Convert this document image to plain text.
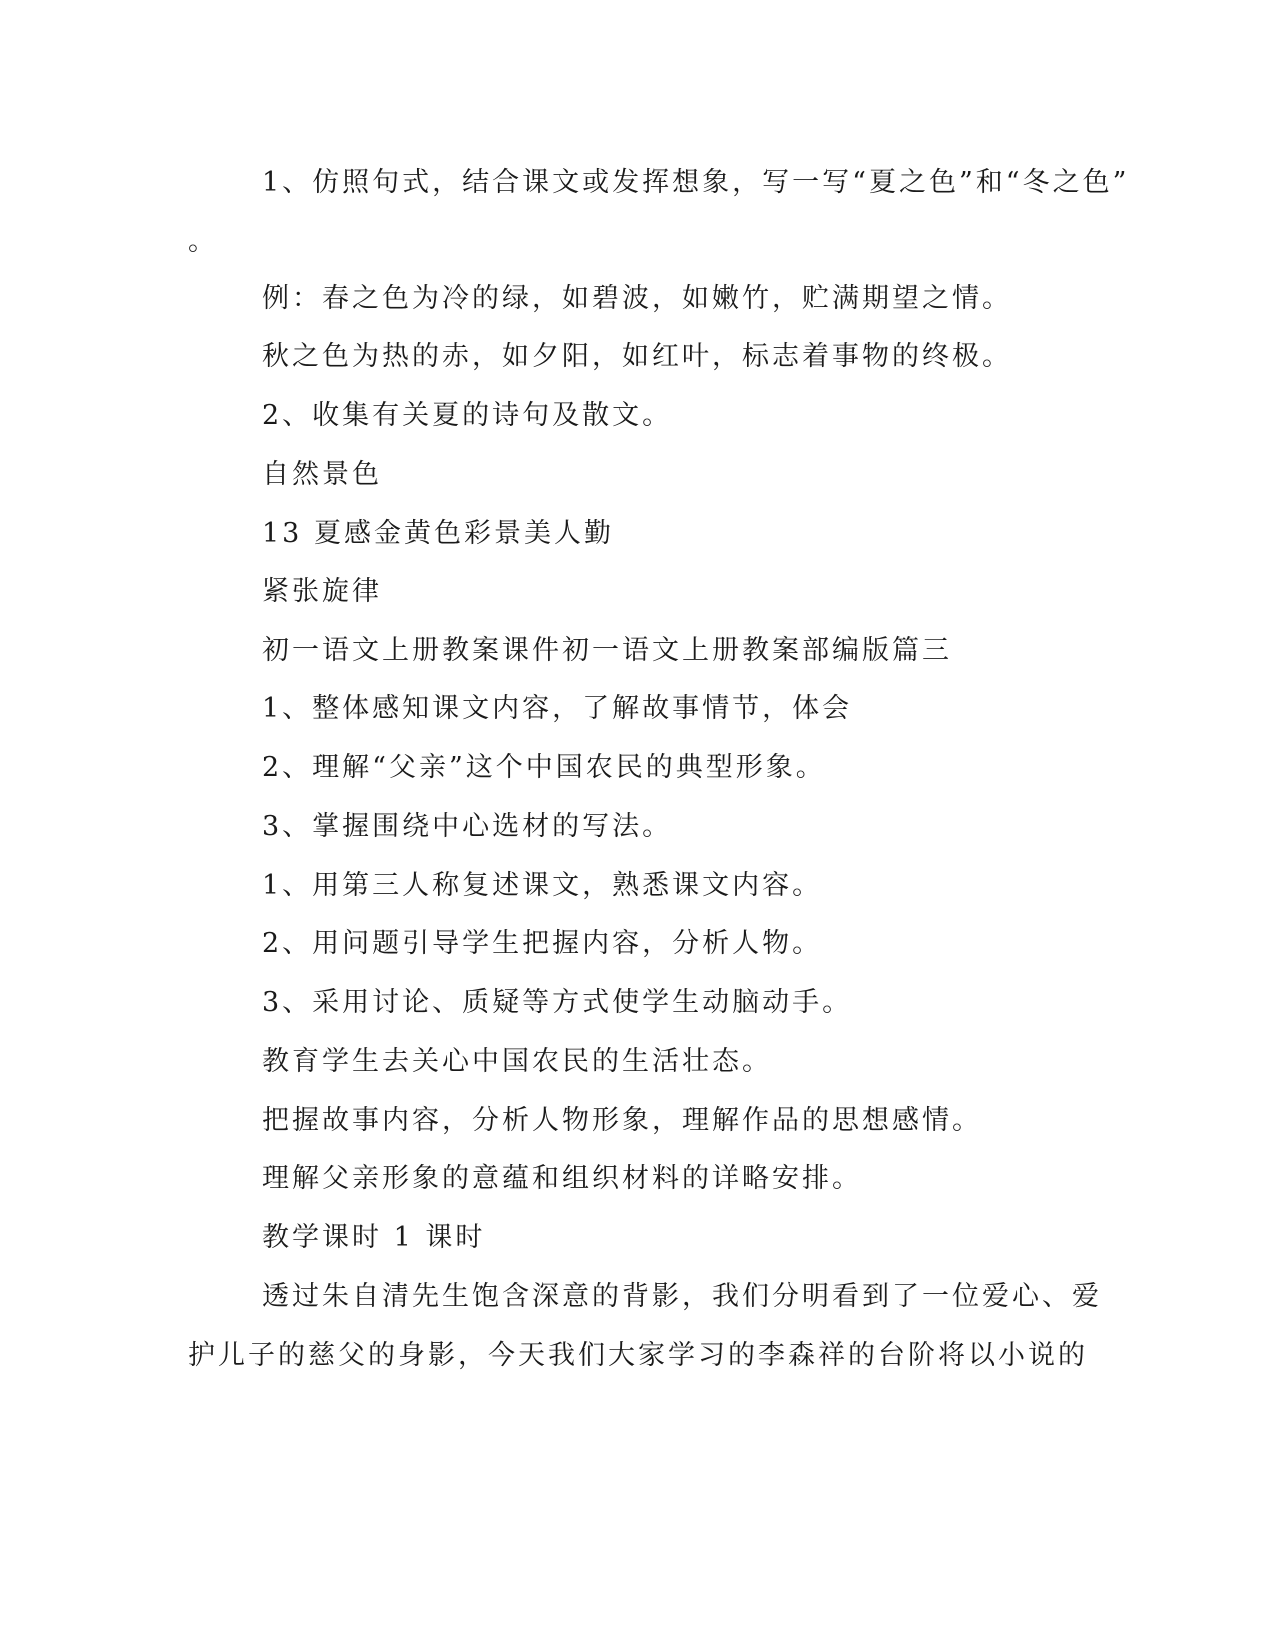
1、仿照句式，结合课文或发挥想象，写一写“夏之色”和“冬之色”
。
例：春之色为冷的绿，如碧波，如嫩竹，贮满期望之情。
秋之色为热的赤，如夕阳，如红叶，标志着事物的终极。
2、收集有关夏的诗句及散文。
自然景色
13 夏感金黄色彩景美人勤
紧张旋律
初一语文上册教案课件初一语文上册教案部编版篇三
1、整体感知课文内容，了解故事情节，体会
2、理解“父亲”这个中国农民的典型形象。
3、掌握围绕中心选材的写法。
1、用第三人称复述课文，熟悉课文内容。
2、用问题引导学生把握内容，分析人物。
3、采用讨论、质疑等方式使学生动脑动手。
教育学生去关心中国农民的生活壮态。
把握故事内容，分析人物形象，理解作品的思想感情。
理解父亲形象的意蕴和组织材料的详略安排。
教学课时 1 课时
透过朱自清先生饱含深意的背影，我们分明看到了一位爱心、爱
护儿子的慈父的身影，今天我们大家学习的李森祥的台阶将以小说的
